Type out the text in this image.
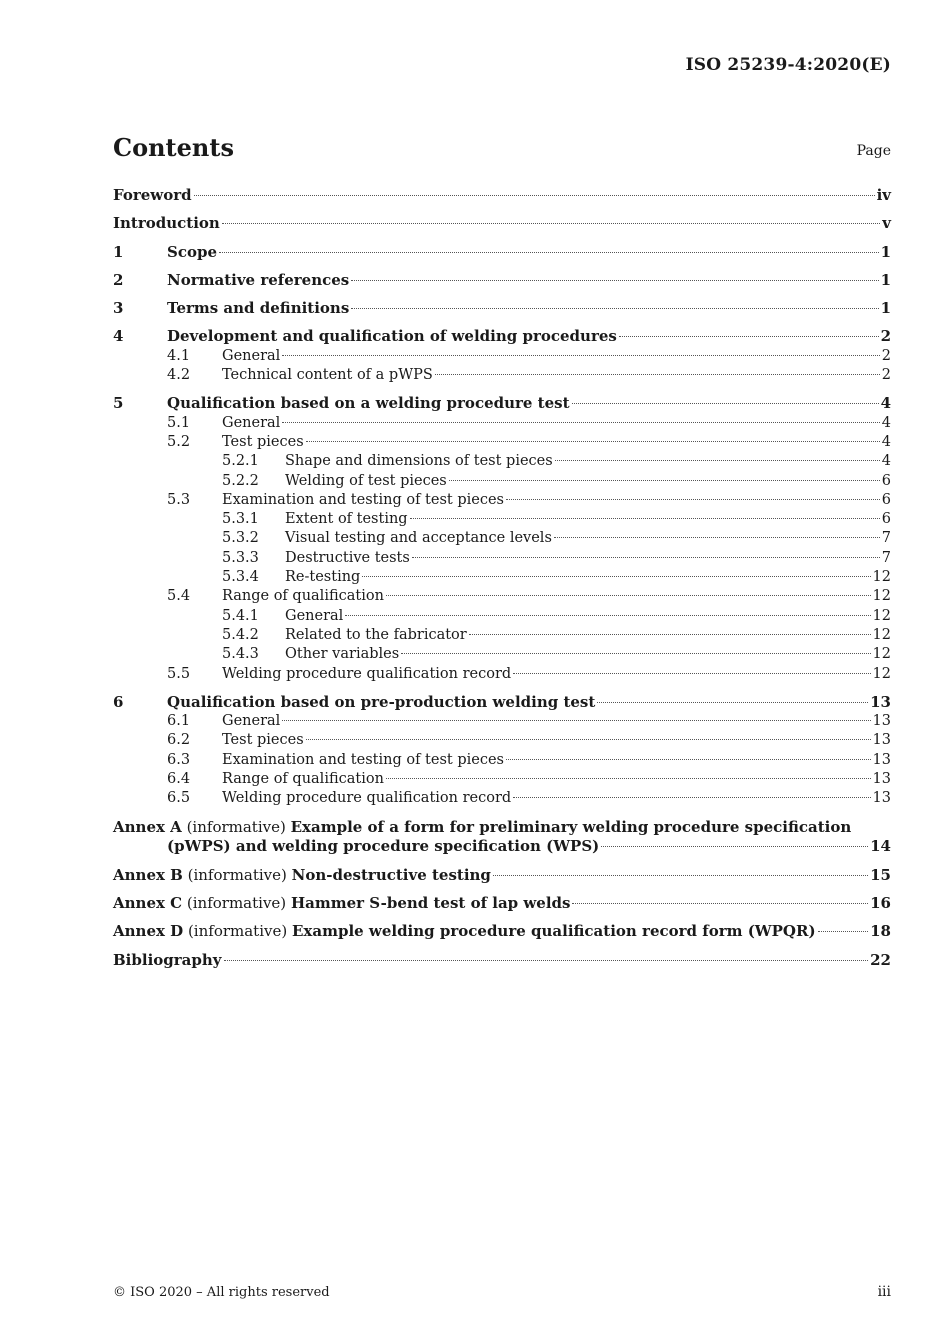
ISO 25239-4:2020(E)
Contents	Page
Foreword	iv
Introduction	v
1	Scope	1
2	Normative references	1
3	Terms and definitions	1
4	Development and qualification of welding procedures	2
4.1	General	2
4.2	Technical content of a pWPS	2
5	Qualification based on a welding procedure test	4
5.1	General	4
5.2	Test pieces	4
5.2.1	Shape and dimensions of test pieces	4
5.2.2	Welding of test pieces	6
5.3	Examination and testing of test pieces	6
5.3.1	Extent of testing	6
5.3.2	Visual testing and acceptance levels	7
5.3.3	Destructive tests	7
5.3.4	Re-testing	12
5.4	Range of qualification	12
5.4.1	General	12
5.4.2	Related to the fabricator	12
5.4.3	Other variables	12
5.5	Welding procedure qualification record	12
6	Qualification based on pre-production welding test	13
6.1	General	13
6.2	Test pieces	13
6.3	Examination and testing of test pieces	13
6.4	Range of qualification	13
6.5	Welding procedure qualification record	13
Annex A (informative) Example of a form for preliminary welding procedure specification
(pWPS) and welding procedure specification (WPS)	14
Annex B (informative) Non-destructive testing	15
Annex C (informative) Hammer S-bend test of lap welds	16
Annex D (informative) Example welding procedure qualification record form (WPQR)	18
Bibliography	22
© ISO 2020 – All rights reserved	iii
